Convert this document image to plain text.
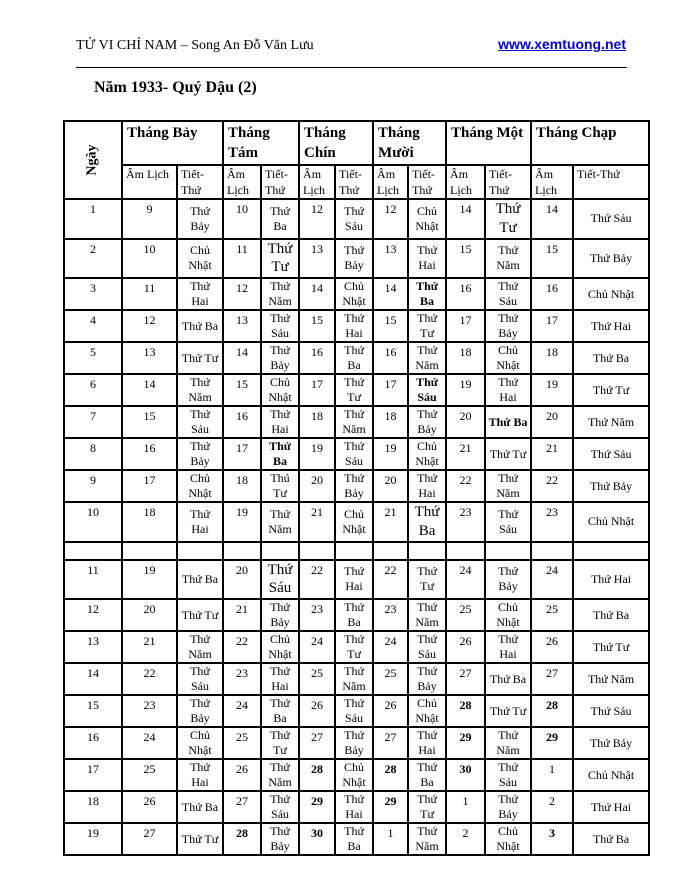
TỬ VI CHỈ NAM – Song An Đỗ Văn Lưu	www.xemtuong.net
Năm 1933- Quý Dậu (2)
Ngày	Tháng Bảy		Tháng Tám		Tháng Chín		Tháng Mười		Tháng Một		Tháng Chạp	
	Âm Lịch	Tiết-Thứ	Âm Lịch	Tiết-Thứ	Âm Lịch	Tiết-Thứ	Âm Lịch	Tiết-Thứ	Âm Lịch	Tiết-Thứ	Âm Lịch	Tiết-Thứ
1	9	Thứ Bảy	10	Thứ Ba	12	Thứ Sáu	12	Chủ Nhật	14	Thứ Tư	14	Thứ Sáu
2	10	Chủ Nhật	11	Thứ Tư	13	Thứ Bảy	13	Thứ Hai	15	Thứ Năm	15	Thứ Bảy
3	11	Thứ Hai	12	Thứ Năm	14	Chủ Nhật	14	Thứ Ba	16	Thứ Sáu	16	Chủ Nhật
4	12	Thứ Ba	13	Thứ Sáu	15	Thứ Hai	15	Thứ Tư	17	Thứ Bảy	17	Thứ Hai
5	13	Thứ Tư	14	Thứ Bảy	16	Thứ Ba	16	Thứ Năm	18	Chủ Nhật	18	Thứ Ba
6	14	Thứ Năm	15	Chủ Nhật	17	Thứ Tư	17	Thứ Sáu	19	Thứ Hai	19	Thứ Tư
7	15	Thứ Sáu	16	Thứ Hai	18	Thứ Năm	18	Thứ Bảy	20	Thứ Ba	20	Thứ Năm
8	16	Thứ Bảy	17	Thứ Ba	19	Thứ Sáu	19	Chủ Nhật	21	Thứ Tư	21	Thứ Sáu
9	17	Chủ Nhật	18	Thú Tư	20	Thứ Bảy	20	Thứ Hai	22	Thứ Năm	22	Thứ Bảy
10	18	Thứ Hai	19	Thứ Năm	21	Chủ Nhật	21	Thứ Ba	23	Thứ Sáu	23	Chủ Nhật

11	19	Thứ Ba	20	Thứ Sáu	22	Thứ Hai	22	Thứ Tư	24	Thứ Bảy	24	Thứ Hai
12	20	Thứ Tư	21	Thứ Bảy	23	Thứ Ba	23	Thứ Năm	25	Chủ Nhật	25	Thứ Ba
13	21	Thứ Năm	22	Chủ Nhật	24	Thứ Tư	24	Thứ Sáu	26	Thứ Hai	26	Thứ Tư
14	22	Thứ Sáu	23	Thứ Hai	25	Thứ Năm	25	Thứ Bảy	27	Thứ Ba	27	Thứ Năm
15	23	Thứ Bảy	24	Thứ Ba	26	Thứ Sáu	26	Chủ Nhật	28	Thứ Tư	28	Thứ Sáu
16	24	Chủ Nhật	25	Thứ Tư	27	Thứ Bảy	27	Thứ Hai	29	Thứ Năm	29	Thứ Bảy
17	25	Thứ Hai	26	Thứ Năm	28	Chủ Nhật	28	Thứ Ba	30	Thứ Sáu	1	Chủ Nhật
18	26	Thứ Ba	27	Thứ Sáu	29	Thứ Hai	29	Thứ Tư	1	Thứ Bảy	2	Thứ Hai
19	27	Thứ Tư	28	Thứ Bảy	30	Thứ Ba	1	Thứ Năm	2	Chủ Nhật	3	Thứ Ba
